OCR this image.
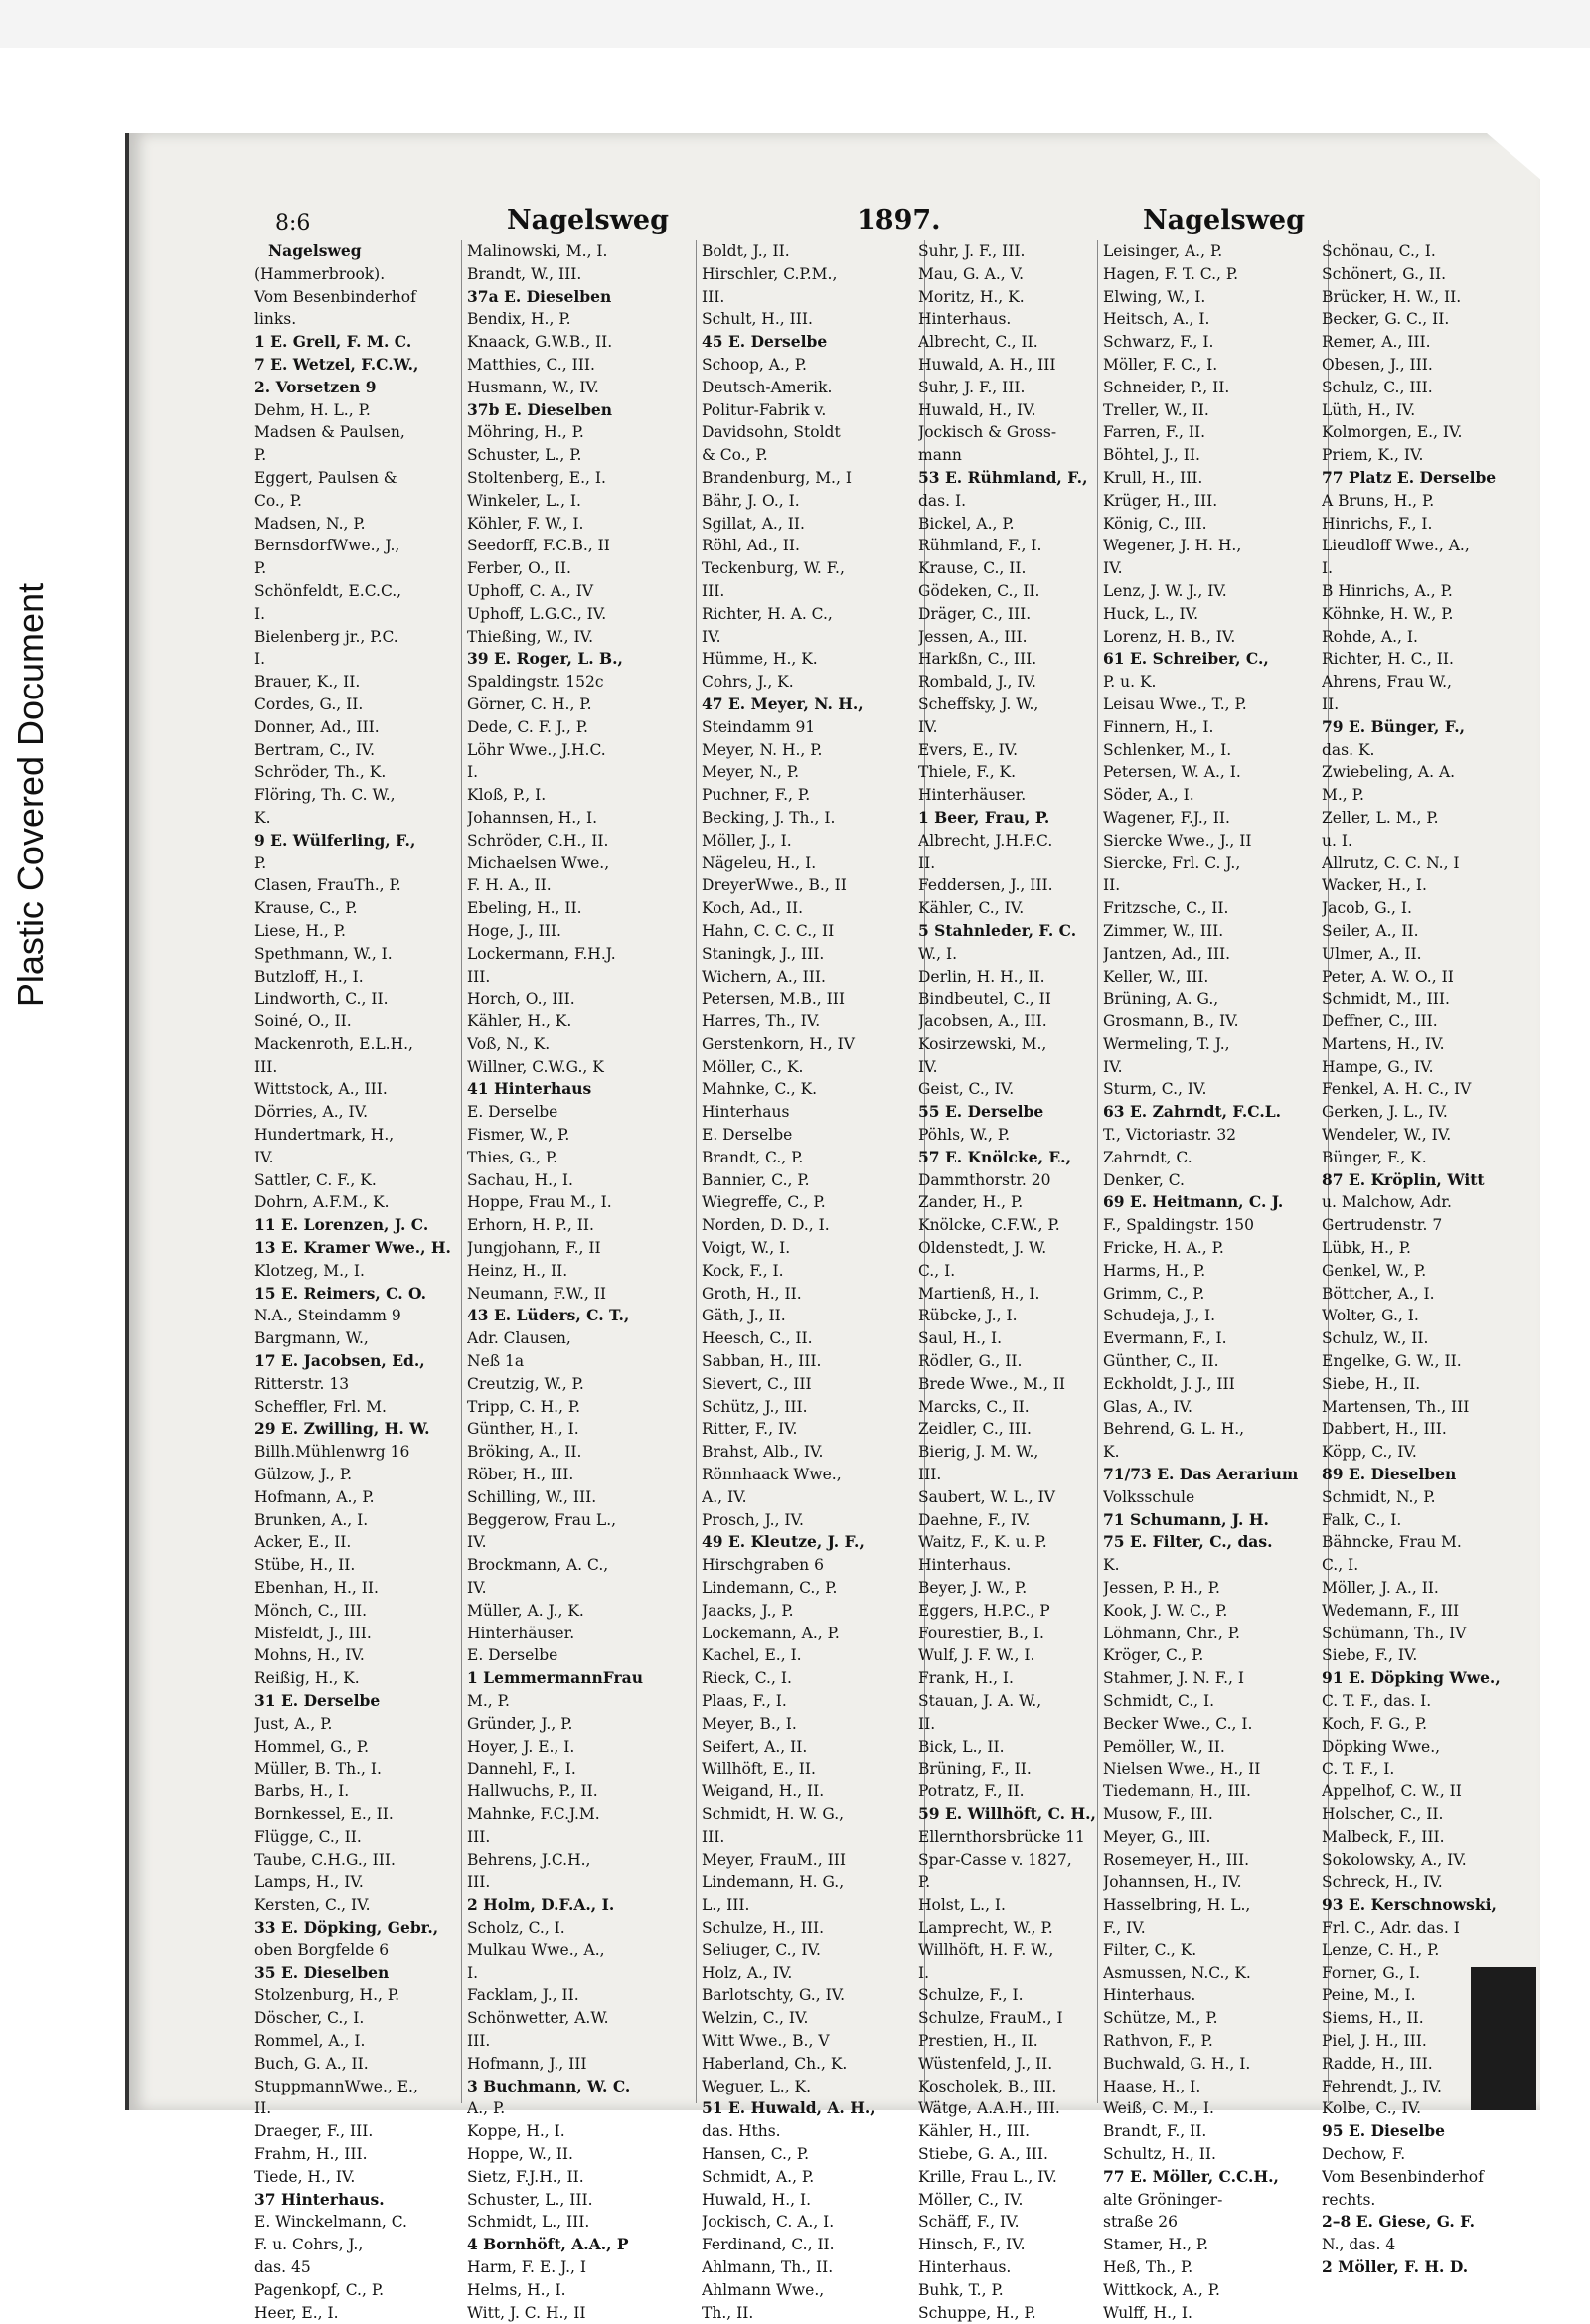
Plastic Covered Document
8:6	Nagelsweg	1897.	Nagelsweg
Nagelsweg
(Hammerbrook).
Vom Besenbinderhof
links.
1 E. Grell, F. M. C.
7 E. Wetzel, F.C.W.,
2. Vorsetzen 9
Dehm, H. L., P.
Madsen & Paulsen,
P.
Eggert, Paulsen &
Co., P.
Madsen, N., P.
BernsdorfWwe., J.,
P.
Schönfeldt, E.C.C.,
I.
Bielenberg jr., P.C.
I.
Brauer, K., II.
Cordes, G., II.
Donner, Ad., III.
Bertram, C., IV.
Schröder, Th., K.
Flöring, Th. C. W.,
K.
9 E. Wülferling, F.,
P.
Clasen, FrauTh., P.
Krause, C., P.
Liese, H., P.
Spethmann, W., I.
Butzloff, H., I.
Lindworth, C., II.
Soiné, O., II.
Mackenroth, E.L.H.,
III.
Wittstock, A., III.
Dörries, A., IV.
Hundertmark, H.,
IV.
Sattler, C. F., K.
Dohrn, A.F.M., K.
11 E. Lorenzen, J. C.
13 E. Kramer Wwe., H.
Klotzeg, M., I.
15 E. Reimers, C. O.
N.A., Steindamm 9
Bargmann, W.,
17 E. Jacobsen, Ed.,
Ritterstr. 13
Scheffler, Frl. M.
29 E. Zwilling, H. W.
Billh.Mühlenwrg 16
Gülzow, J., P.
Hofmann, A., P.
Brunken, A., I.
Acker, E., II.
Stübe, H., II.
Ebenhan, H., II.
Mönch, C., III.
Misfeldt, J., III.
Mohns, H., IV.
Reißig, H., K.
31 E. Derselbe
Just, A., P.
Hommel, G., P.
Müller, B. Th., I.
Barbs, H., I.
Bornkessel, E., II.
Flügge, C., II.
Taube, C.H.G., III.
Lamps, H., IV.
Kersten, C., IV.
33 E. Döpking, Gebr.,
oben Borgfelde 6
35 E. Dieselben
Stolzenburg, H., P.
Döscher, C., I.
Rommel, A., I.
Buch, G. A., II.
StuppmannWwe., E.,
II.
Draeger, F., III.
Frahm, H., III.
Tiede, H., IV.
37 Hinterhaus.
E. Winckelmann, C.
F. u. Cohrs, J.,
das. 45
Pagenkopf, C., P.
Heer, E., I.
Malinowski, M., I.
Brandt, W., III.
37a E. Dieselben
Bendix, H., P.
Knaack, G.W.B., II.
Matthies, C., III.
Husmann, W., IV.
37b E. Dieselben
Möhring, H., P.
Schuster, L., P.
Stoltenberg, E., I.
Winkeler, L., I.
Köhler, F. W., I.
Seedorff, F.C.B., II
Ferber, O., II.
Uphoff, C. A., IV
Uphoff, L.G.C., IV.
Thießing, W., IV.
39 E. Roger, L. B.,
Spaldingstr. 152c
Görner, C. H., P.
Dede, C. F. J., P.
Löhr Wwe., J.H.C.
I.
Kloß, P., I.
Johannsen, H., I.
Schröder, C.H., II.
Michaelsen Wwe.,
F. H. A., II.
Ebeling, H., II.
Hoge, J., III.
Lockermann, F.H.J.
III.
Horch, O., III.
Kähler, H., K.
Voß, N., K.
Willner, C.W.G., K
41 Hinterhaus
E. Derselbe
Fismer, W., P.
Thies, G., P.
Sachau, H., I.
Hoppe, Frau M., I.
Erhorn, H. P., II.
Jungjohann, F., II
Heinz, H., II.
Neumann, F.W., II
43 E. Lüders, C. T.,
Adr. Clausen,
Neß 1a
Creutzig, W., P.
Tripp, C. H., P.
Günther, H., I.
Bröking, A., II.
Röber, H., III.
Schilling, W., III.
Beggerow, Frau L.,
IV.
Brockmann, A. C.,
IV.
Müller, A. J., K.
Hinterhäuser.
E. Derselbe
1 LemmermannFrau
M., P.
Gründer, J., P.
Hoyer, J. E., I.
Dannehl, F., I.
Hallwuchs, P., II.
Mahnke, F.C.J.M.
III.
Behrens, J.C.H.,
III.
2 Holm, D.F.A., I.
Scholz, C., I.
Mulkau Wwe., A.,
I.
Facklam, J., II.
Schönwetter, A.W.
III.
Hofmann, J., III
3 Buchmann, W. C.
A., P.
Koppe, H., I.
Hoppe, W., II.
Sietz, F.J.H., II.
Schuster, L., III.
Schmidt, L., III.
4 Bornhöft, A.A., P
Harm, F. E. J., I
Helms, H., I.
Witt, J. C. H., II
Boldt, J., II.
Hirschler, C.P.M.,
III.
Schult, H., III.
45 E. Derselbe
Schoop, A., P.
Deutsch-Amerik.
Politur-Fabrik v.
Davidsohn, Stoldt
& Co., P.
Brandenburg, M., I
Bähr, J. O., I.
Sgillat, A., II.
Röhl, Ad., II.
Teckenburg, W. F.,
III.
Richter, H. A. C.,
IV.
Hümme, H., K.
Cohrs, J., K.
47 E. Meyer, N. H.,
Steindamm 91
Meyer, N. H., P.
Meyer, N., P.
Puchner, F., P.
Becking, J. Th., I.
Möller, J., I.
Nägeleu, H., I.
DreyerWwe., B., II
Koch, Ad., II.
Hahn, C. C. C., II
Staningk, J., III.
Wichern, A., III.
Petersen, M.B., III
Harres, Th., IV.
Gerstenkorn, H., IV
Möller, C., K.
Mahnke, C., K.
Hinterhaus
E. Derselbe
Brandt, C., P.
Bannier, C., P.
Wiegreffe, C., P.
Norden, D. D., I.
Voigt, W., I.
Kock, F., I.
Groth, H., II.
Gäth, J., II.
Heesch, C., II.
Sabban, H., III.
Sievert, C., III
Schütz, J., III.
Ritter, F., IV.
Brahst, Alb., IV.
Rönnhaack Wwe.,
A., IV.
Prosch, J., IV.
49 E. Kleutze, J. F.,
Hirschgraben 6
Lindemann, C., P.
Jaacks, J., P.
Lockemann, A., P.
Kachel, E., I.
Rieck, C., I.
Plaas, F., I.
Meyer, B., I.
Seifert, A., II.
Willhöft, E., II.
Weigand, H., II.
Schmidt, H. W. G.,
III.
Meyer, FrauM., III
Lindemann, H. G.,
L., III.
Schulze, H., III.
Seliuger, C., IV.
Holz, A., IV.
Barlotschty, G., IV.
Welzin, C., IV.
Witt Wwe., B., V
Haberland, Ch., K.
Weguer, L., K.
51 E. Huwald, A. H.,
das. Hths.
Hansen, C., P.
Schmidt, A., P.
Huwald, H., I.
Jockisch, C. A., I.
Ferdinand, C., II.
Ahlmann, Th., II.
Ahlmann Wwe.,
Th., II.
Suhr, J. F., III.
Mau, G. A., V.
Moritz, H., K.
Hinterhaus.
Albrecht, C., II.
Huwald, A. H., III
Suhr, J. F., III.
Huwald, H., IV.
Jockisch & Gross-
mann
53 E. Rühmland, F.,
das. I.
Bickel, A., P.
Rühmland, F., I.
Krause, C., II.
Gödeken, C., II.
Dräger, C., III.
Jessen, A., III.
Harkßn, C., III.
Rombald, J., IV.
Scheffsky, J. W.,
IV.
Evers, E., IV.
Thiele, F., K.
Hinterhäuser.
1 Beer, Frau, P.
Albrecht, J.H.F.C.
II.
Feddersen, J., III.
Kähler, C., IV.
5 Stahnleder, F. C.
W., I.
Derlin, H. H., II.
Bindbeutel, C., II
Jacobsen, A., III.
Kosirzewski, M.,
IV.
Geist, C., IV.
55 E. Derselbe
Pöhls, W., P.
57 E. Knölcke, E.,
Dammthorstr. 20
Zander, H., P.
Knölcke, C.F.W., P.
Oldenstedt, J. W.
C., I.
Martienß, H., I.
Rübcke, J., I.
Saul, H., I.
Rödler, G., II.
Brede Wwe., M., II
Marcks, C., II.
Zeidler, C., III.
Bierig, J. M. W.,
III.
Saubert, W. L., IV
Daehne, F., IV.
Waitz, F., K. u. P.
Hinterhaus.
Beyer, J. W., P.
Eggers, H.P.C., P
Fourestier, B., I.
Wulf, J. F. W., I.
Frank, H., I.
Stauan, J. A. W.,
II.
Bick, L., II.
Brüning, F., II.
Potratz, F., II.
59 E. Willhöft, C. H.,
Ellernthorsbrücke 11
Spar-Casse v. 1827,
P.
Holst, L., I.
Lamprecht, W., P.
Willhöft, H. F. W.,
I.
Schulze, F., I.
Schulze, FrauM., I
Prestien, H., II.
Wüstenfeld, J., II.
Koscholek, B., III.
Wätge, A.A.H., III.
Kähler, H., III.
Stiebe, G. A., III.
Krille, Frau L., IV.
Möller, C., IV.
Schäff, F., IV.
Hinsch, F., IV.
Hinterhaus.
Buhk, T., P.
Schuppe, H., P.
Leisinger, A., P.
Hagen, F. T. C., P.
Elwing, W., I.
Heitsch, A., I.
Schwarz, F., I.
Möller, F. C., I.
Schneider, P., II.
Treller, W., II.
Farren, F., II.
Böhtel, J., II.
Krull, H., III.
Krüger, H., III.
König, C., III.
Wegener, J. H. H.,
IV.
Lenz, J. W. J., IV.
Huck, L., IV.
Lorenz, H. B., IV.
61 E. Schreiber, C.,
P. u. K.
Leisau Wwe., T., P.
Finnern, H., I.
Schlenker, M., I.
Petersen, W. A., I.
Söder, A., I.
Wagener, F.J., II.
Siercke Wwe., J., II
Siercke, Frl. C. J.,
II.
Fritzsche, C., II.
Zimmer, W., III.
Jantzen, Ad., III.
Keller, W., III.
Brüning, A. G.,
Grosmann, B., IV.
Wermeling, T. J.,
IV.
Sturm, C., IV.
63 E. Zahrndt, F.C.L.
T., Victoriastr. 32
Zahrndt, C.
Denker, C.
69 E. Heitmann, C. J.
F., Spaldingstr. 150
Fricke, H. A., P.
Harms, H., P.
Grimm, C., P.
Schudeja, J., I.
Evermann, F., I.
Günther, C., II.
Eckholdt, J. J., III
Glas, A., IV.
Behrend, G. L. H.,
K.
71/73 E. Das Aerarium
Volksschule
71 Schumann, J. H.
75 E. Filter, C., das.
K.
Jessen, P. H., P.
Kook, J. W. C., P.
Löhmann, Chr., P.
Kröger, C., P.
Stahmer, J. N. F., I
Schmidt, C., I.
Becker Wwe., C., I.
Pemöller, W., II.
Nielsen Wwe., H., II
Tiedemann, H., III.
Musow, F., III.
Meyer, G., III.
Rosemeyer, H., III.
Johannsen, H., IV.
Hasselbring, H. L.,
F., IV.
Filter, C., K.
Asmussen, N.C., K.
Hinterhaus.
Schütze, M., P.
Rathvon, F., P.
Buchwald, G. H., I.
Haase, H., I.
Weiß, C. M., I.
Brandt, F., II.
Schultz, H., II.
77 E. Möller, C.C.H.,
alte Gröninger-
straße 26
Stamer, H., P.
Heß, Th., P.
Wittkock, A., P.
Wulff, H., I.
Schönau, C., I.
Schönert, G., II.
Brücker, H. W., II.
Becker, G. C., II.
Remer, A., III.
Obesen, J., III.
Schulz, C., III.
Lüth, H., IV.
Kolmorgen, E., IV.
Priem, K., IV.
77 Platz E. Derselbe
A Bruns, H., P.
Hinrichs, F., I.
Lieudloff Wwe., A.,
I.
B Hinrichs, A., P.
Köhnke, H. W., P.
Rohde, A., I.
Richter, H. C., II.
Ahrens, Frau W.,
II.
79 E. Bünger, F.,
das. K.
Zwiebeling, A. A.
M., P.
Zeller, L. M., P.
u. I.
Allrutz, C. C. N., I
Wacker, H., I.
Jacob, G., I.
Seiler, A., II.
Ulmer, A., II.
Peter, A. W. O., II
Schmidt, M., III.
Deffner, C., III.
Martens, H., IV.
Hampe, G., IV.
Fenkel, A. H. C., IV
Gerken, J. L., IV.
Wendeler, W., IV.
Bünger, F., K.
87 E. Kröplin, Witt
u. Malchow, Adr.
Gertrudenstr. 7
Lübk, H., P.
Genkel, W., P.
Böttcher, A., I.
Wolter, G., I.
Schulz, W., II.
Engelke, G. W., II.
Siebe, H., II.
Martensen, Th., III
Dabbert, H., III.
Köpp, C., IV.
89 E. Dieselben
Schmidt, N., P.
Falk, C., I.
Bähncke, Frau M.
C., I.
Möller, J. A., II.
Wedemann, F., III
Schümann, Th., IV
Siebe, F., IV.
91 E. Döpking Wwe.,
C. T. F., das. I.
Koch, F. G., P.
Döpking Wwe.,
C. T. F., I.
Appelhof, C. W., II
Holscher, C., II.
Malbeck, F., III.
Sokolowsky, A., IV.
Schreck, H., IV.
93 E. Kerschnowski,
Frl. C., Adr. das. I
Lenze, C. H., P.
Forner, G., I.
Peine, M., I.
Siems, H., II.
Piel, J. H., III.
Radde, H., III.
Fehrendt, J., IV.
Kolbe, C., IV.
95 E. Dieselbe
Dechow, F.
Vom Besenbinderhof
rechts.
2–8 E. Giese, G. F.
N., das. 4
2 Möller, F. H. D.
